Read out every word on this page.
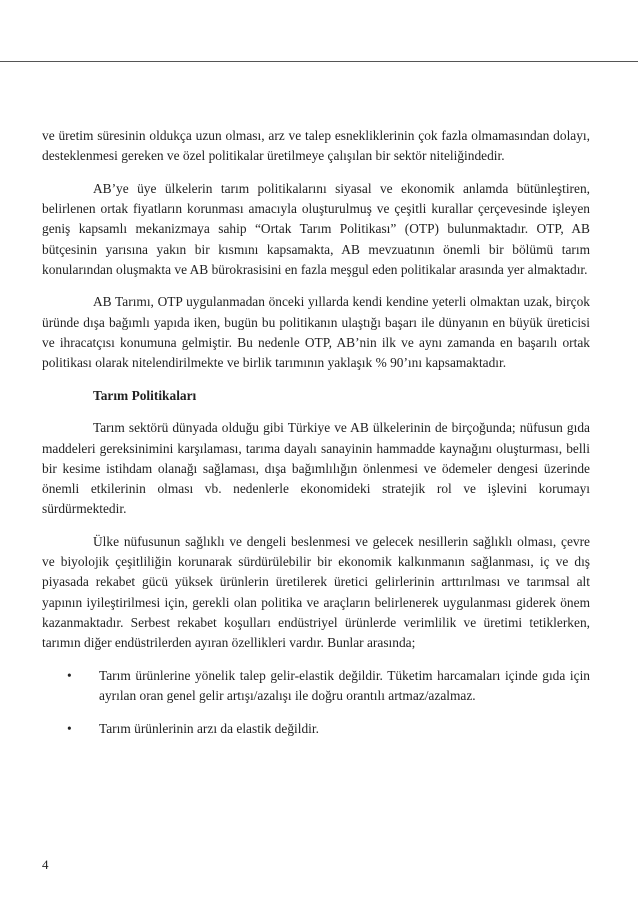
ve üretim süresinin oldukça uzun olması, arz ve talep esnekliklerinin çok fazla olmamasından dolayı, desteklenmesi gereken ve özel politikalar üretilmeye çalışılan bir sektör niteliğindedir.

AB’ye üye ülkelerin tarım politikalarını siyasal ve ekonomik anlamda bütünleştiren, belirlenen ortak fiyatların korunması amacıyla oluşturulmuş ve çeşitli kurallar çerçevesinde işleyen geniş kapsamlı mekanizmaya sahip “Ortak Tarım Politikası” (OTP) bulunmaktadır. OTP, AB bütçesinin yarısına yakın bir kısmını kapsamakta, AB mevzuatının önemli bir bölümü tarım konularından oluşmakta ve AB bürokrasisini en fazla meşgul eden politikalar arasında yer almaktadır.

AB Tarımı, OTP uygulanmadan önceki yıllarda kendi kendine yeterli olmaktan uzak, birçok üründe dışa bağımlı yapıda iken, bugün bu politikanın ulaştığı başarı ile dünyanın en büyük üreticisi ve ihracatçısı konumuna gelmiştir. Bu nedenle OTP, AB’nin ilk ve aynı zamanda en başarılı ortak politikası olarak nitelendirilmekte ve birlik tarımının yaklaşık % 90’ını kapsamaktadır.

Tarım Politikaları

Tarım sektörü dünyada olduğu gibi Türkiye ve AB ülkelerinin de birçoğunda; nüfusun gıda maddeleri gereksinimini karşılaması, tarıma dayalı sanayinin hammadde kaynağını oluşturması, belli bir kesime istihdam olanağı sağlaması, dışa bağımlılığın önlenmesi ve ödemeler dengesi üzerinde önemli etkilerinin olması vb. nedenlerle ekonomideki stratejik rol ve işlevini korumayı sürdürmektedir.

Ülke nüfusunun sağlıklı ve dengeli beslenmesi ve gelecek nesillerin sağlıklı olması, çevre ve biyolojik çeşitliliğin korunarak sürdürülebilir bir ekonomik kalkınmanın sağlanması, iç ve dış piyasada rekabet gücü yüksek ürünlerin üretilerek üretici gelirlerinin arttırılması ve tarımsal alt yapının iyileştirilmesi için, gerekli olan politika ve araçların belirlenerek uygulanması giderek önem kazanmaktadır. Serbest rekabet koşulları endüstriyel ürünlerde verimlilik ve üretimi tetiklerken, tarımın diğer endüstrilerden ayıran özellikleri vardır. Bunlar arasında;

• Tarım ürünlerine yönelik talep gelir-elastik değildir. Tüketim harcamaları içinde gıda için ayrılan oran genel gelir artışı/azalışı ile doğru orantılı artmaz/azalmaz.
• Tarım ürünlerinin arzı da elastik değildir.
4
